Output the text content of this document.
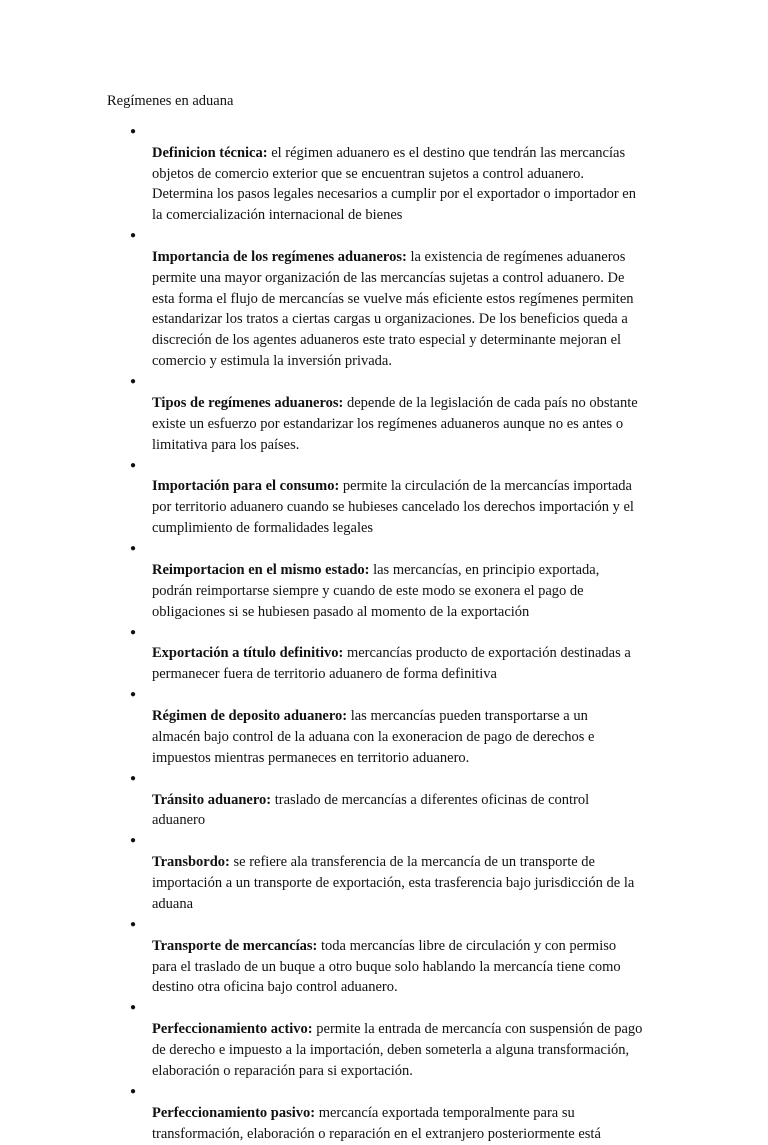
Regímenes en aduana

●
Definicion técnica: el régimen aduanero es el destino que tendrán las mercancías
objetos de comercio exterior que se encuentran sujetos a control aduanero.
Determina los pasos legales necesarios a cumplir por el exportador o importador en
la comercialización internacional de bienes

●
Importancia de los regímenes aduaneros: la existencia de regímenes aduaneros
permite una mayor organización de las mercancías sujetas a control aduanero. De
esta forma el flujo de mercancías se vuelve más eficiente estos regímenes permiten
estandarizar los tratos a ciertas cargas u organizaciones. De los beneficios queda a
discreción de los agentes aduaneros este trato especial y determinante mejoran el
comercio y estimula la inversión privada.

●
Tipos de regímenes aduaneros: depende de la legislación de cada país no obstante
existe un esfuerzo por estandarizar los regímenes aduaneros aunque no es antes o
limitativa para los países.

●
Importación para el consumo: permite la circulación de la mercancías importada
por territorio aduanero cuando se hubieses cancelado los derechos importación y el
cumplimiento de formalidades legales

●
Reimportacion en el mismo estado: las mercancías, en principio exportada,
podrán reimportarse siempre y cuando de este modo se exonera el pago de
obligaciones si se hubiesen pasado al momento de la exportación

●
Exportación a título definitivo: mercancías producto de exportación destinadas a
permanecer fuera de territorio aduanero de forma definitiva

●
Régimen de deposito aduanero: las mercancías pueden transportarse a un
almacén bajo control de la aduana con la exoneracion de pago de derechos e
impuestos mientras permaneces en territorio aduanero.

●
Tránsito aduanero: traslado de mercancías a diferentes oficinas de control
aduanero

●
Transbordo: se refiere ala transferencia de la mercancía de un transporte de
importación a un transporte de exportación, esta trasferencia bajo jurisdicción de la
aduana

●
Transporte de mercancías: toda mercancías libre de circulación y con permiso
para el traslado de un buque a otro buque solo hablando la mercancía tiene como
destino otra oficina bajo control aduanero.

●
Perfeccionamiento activo: permite la entrada de mercancía con suspensión de pago
de derecho e impuesto a la importación, deben someterla a alguna transformación,
elaboración o reparación para si exportación.

●
Perfeccionamiento pasivo: mercancía exportada temporalmente para su
transformación, elaboración o reparación en el extranjero posteriormente está
